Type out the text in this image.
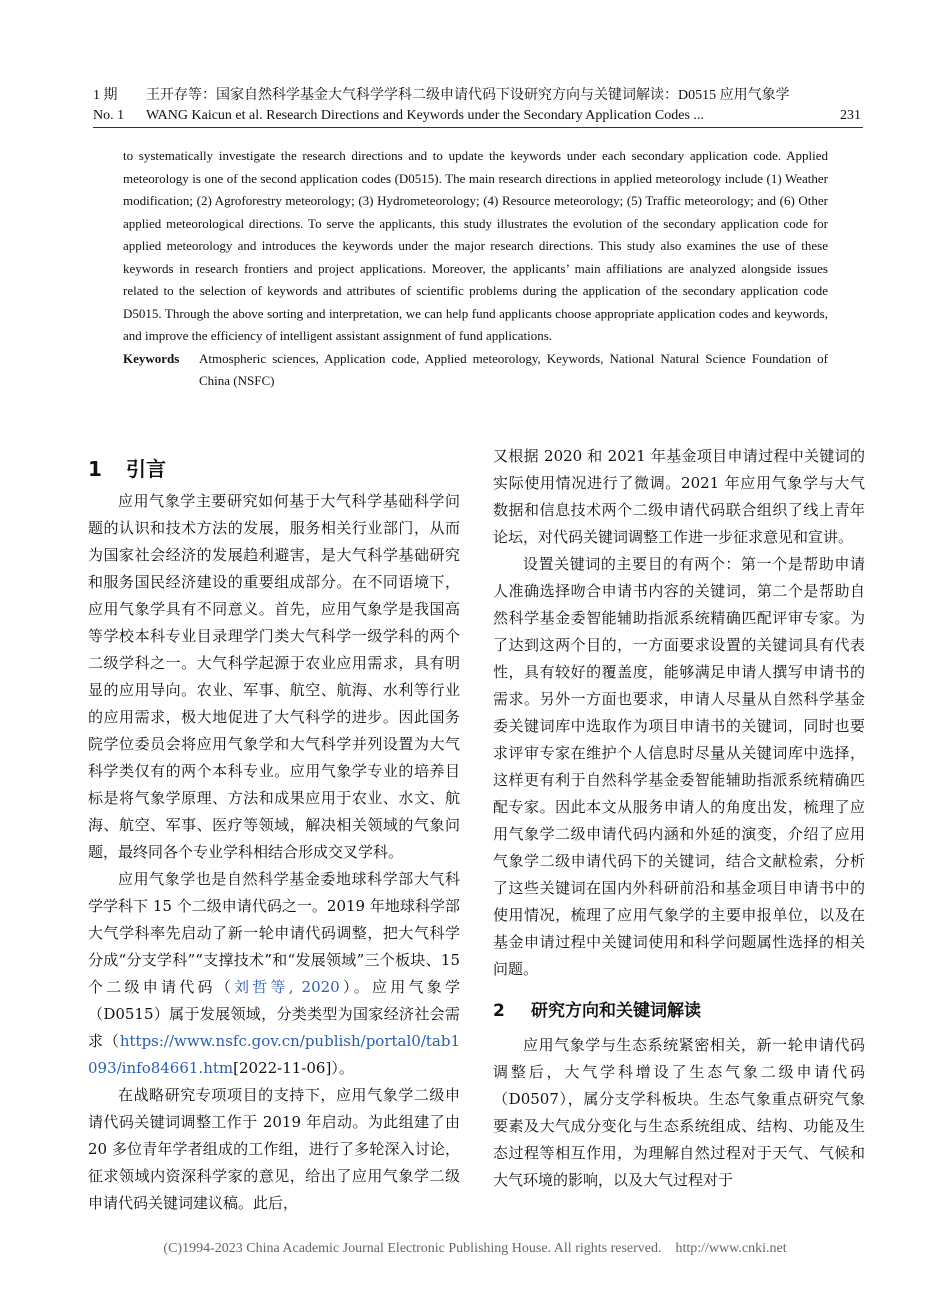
1 期 王开存等：国家自然科学基金大气科学学科二级申请代码下设研究方向与关键词解读：D0515 应用气象学
No. 1 WANG Kaicun et al. Research Directions and Keywords under the Secondary Application Codes ...	231

to systematically investigate the research directions and to update the keywords under each secondary application code. Applied meteorology is one of the second application codes (D0515). The main research directions in applied meteorology include (1) Weather modification; (2) Agroforestry meteorology; (3) Hydrometeorology; (4) Resource meteorology; (5) Traffic meteorology; and (6) Other applied meteorological directions. To serve the applicants, this study illustrates the evolution of the secondary application code for applied meteorology and introduces the keywords under the major research directions. This study also examines the use of these keywords in research frontiers and project applications. Moreover, the applicants’ main affiliations are analyzed alongside issues related to the selection of keywords and attributes of scientific problems during the application of the secondary application code D5015. Through the above sorting and interpretation, we can help fund applicants choose appropriate application codes and keywords, and improve the efficiency of intelligent assistant assignment of fund applications.

Keywords	Atmospheric sciences, Application code, Applied meteorology, Keywords, National Natural Science Foundation of China (NSFC)
1 引言

应用气象学主要研究如何基于大气科学基础科学问题的认识和技术方法的发展，服务相关行业部门，从而为国家社会经济的发展趋利避害，是大气科学基础研究和服务国民经济建设的重要组成部分。在不同语境下，应用气象学具有不同意义。首先，应用气象学是我国高等学校本科专业目录理学门类大气科学一级学科的两个二级学科之一。大气科学起源于农业应用需求，具有明显的应用导向。农业、军事、航空、航海、水利等行业的应用需求，极大地促进了大气科学的进步。因此国务院学位委员会将应用气象学和大气科学并列设置为大气科学类仅有的两个本科专业。应用气象学专业的培养目标是将气象学原理、方法和成果应用于农业、水文、航海、航空、军事、医疗等领域，解决相关领域的气象问题，最终同各个专业学科相结合形成交叉学科。

应用气象学也是自然科学基金委地球科学部大气科学学科下 15 个二级申请代码之一。2019 年地球科学部大气学科率先启动了新一轮申请代码调整，把大气科学分成“分支学科”“支撑技术”和“发展领域”三个板块、15 个二级申请代码（刘哲等, 2020）。应用气象学（D0515）属于发展领域，分类类型为国家经济社会需求（https://www.nsfc.gov.cn/publish/portal0/tab1093/info84661.htm[2022-11-06]）。

在战略研究专项项目的支持下，应用气象学二级申请代码关键词调整工作于 2019 年启动。为此组建了由 20 多位青年学者组成的工作组，进行了多轮深入讨论，征求领域内资深科学家的意见，给出了应用气象学二级申请代码关键词建议稿。此后，

又根据 2020 和 2021 年基金项目申请过程中关键词的实际使用情况进行了微调。2021 年应用气象学与大气数据和信息技术两个二级申请代码联合组织了线上青年论坛，对代码关键词调整工作进一步征求意见和宣讲。

设置关键词的主要目的有两个：第一个是帮助申请人准确选择吻合申请书内容的关键词，第二个是帮助自然科学基金委智能辅助指派系统精确匹配评审专家。为了达到这两个目的，一方面要求设置的关键词具有代表性，具有较好的覆盖度，能够满足申请人撰写申请书的需求。另外一方面也要求，申请人尽量从自然科学基金委关键词库中选取作为项目申请书的关键词，同时也要求评审专家在维护个人信息时尽量从关键词库中选择，这样更有利于自然科学基金委智能辅助指派系统精确匹配专家。因此本文从服务申请人的角度出发，梳理了应用气象学二级申请代码内涵和外延的演变，介绍了应用气象学二级申请代码下的关键词，结合文献检索，分析了这些关键词在国内外科研前沿和基金项目申请书中的使用情况，梳理了应用气象学的主要申报单位，以及在基金申请过程中关键词使用和科学问题属性选择的相关问题。

2 研究方向和关键词解读

应用气象学与生态系统紧密相关，新一轮申请代码调整后，大气学科增设了生态气象二级申请代码（D0507），属分支学科板块。生态气象重点研究气象要素及大气成分变化与生态系统组成、结构、功能及生态过程等相互作用，为理解自然过程对于天气、气候和大气环境的影响，以及大气过程对于

(C)1994-2023 China Academic Journal Electronic Publishing House. All rights reserved. http://www.cnki.net
